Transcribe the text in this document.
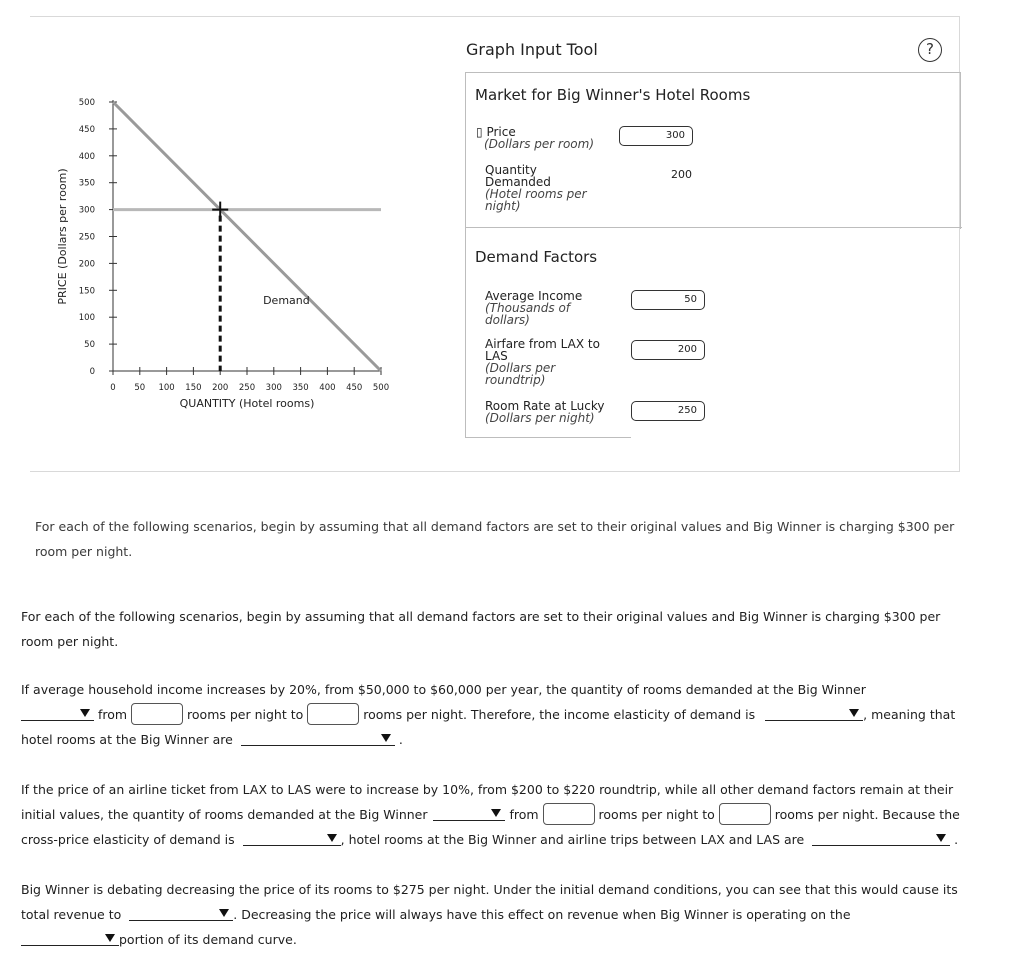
0
50
100
150
200
250
300
350
400
450
500
0 50 100 150 200 250 300 350 400 450 500
Demand
QUANTITY (Hotel rooms)
PRICE (Dollars per room)
Graph Input Tool	?
Market for Big Winner's Hotel Rooms
▯ Price
(Dollars per room)
300
Quantity
Demanded
(Hotel rooms per
night)
200
Demand Factors
Average Income
(Thousands of
dollars)
50
Airfare from LAX to
LAS
(Dollars per
roundtrip)
200
Room Rate at Lucky
(Dollars per night)
250
For each of the following scenarios, begin by assuming that all demand factors are set to their original values and Big Winner is charging $300 per
room per night.
For each of the following scenarios, begin by assuming that all demand factors are set to their original values and Big Winner is charging $300 per
room per night.
If average household income increases by 20%, from $50,000 to $60,000 per year, the quantity of rooms demanded at the Big Winner
from	rooms per night to	rooms per night. Therefore, the income elasticity of demand is	, meaning that
hotel rooms at the Big Winner are	.
If the price of an airline ticket from LAX to LAS were to increase by 10%, from $200 to $220 roundtrip, while all other demand factors remain at their
initial values, the quantity of rooms demanded at the Big Winner	from	rooms per night to	rooms per night. Because the
cross-price elasticity of demand is	, hotel rooms at the Big Winner and airline trips between LAX and LAS are	.
Big Winner is debating decreasing the price of its rooms to $275 per night. Under the initial demand conditions, you can see that this would cause its
total revenue to	. Decreasing the price will always have this effect on revenue when Big Winner is operating on the
portion of its demand curve.
